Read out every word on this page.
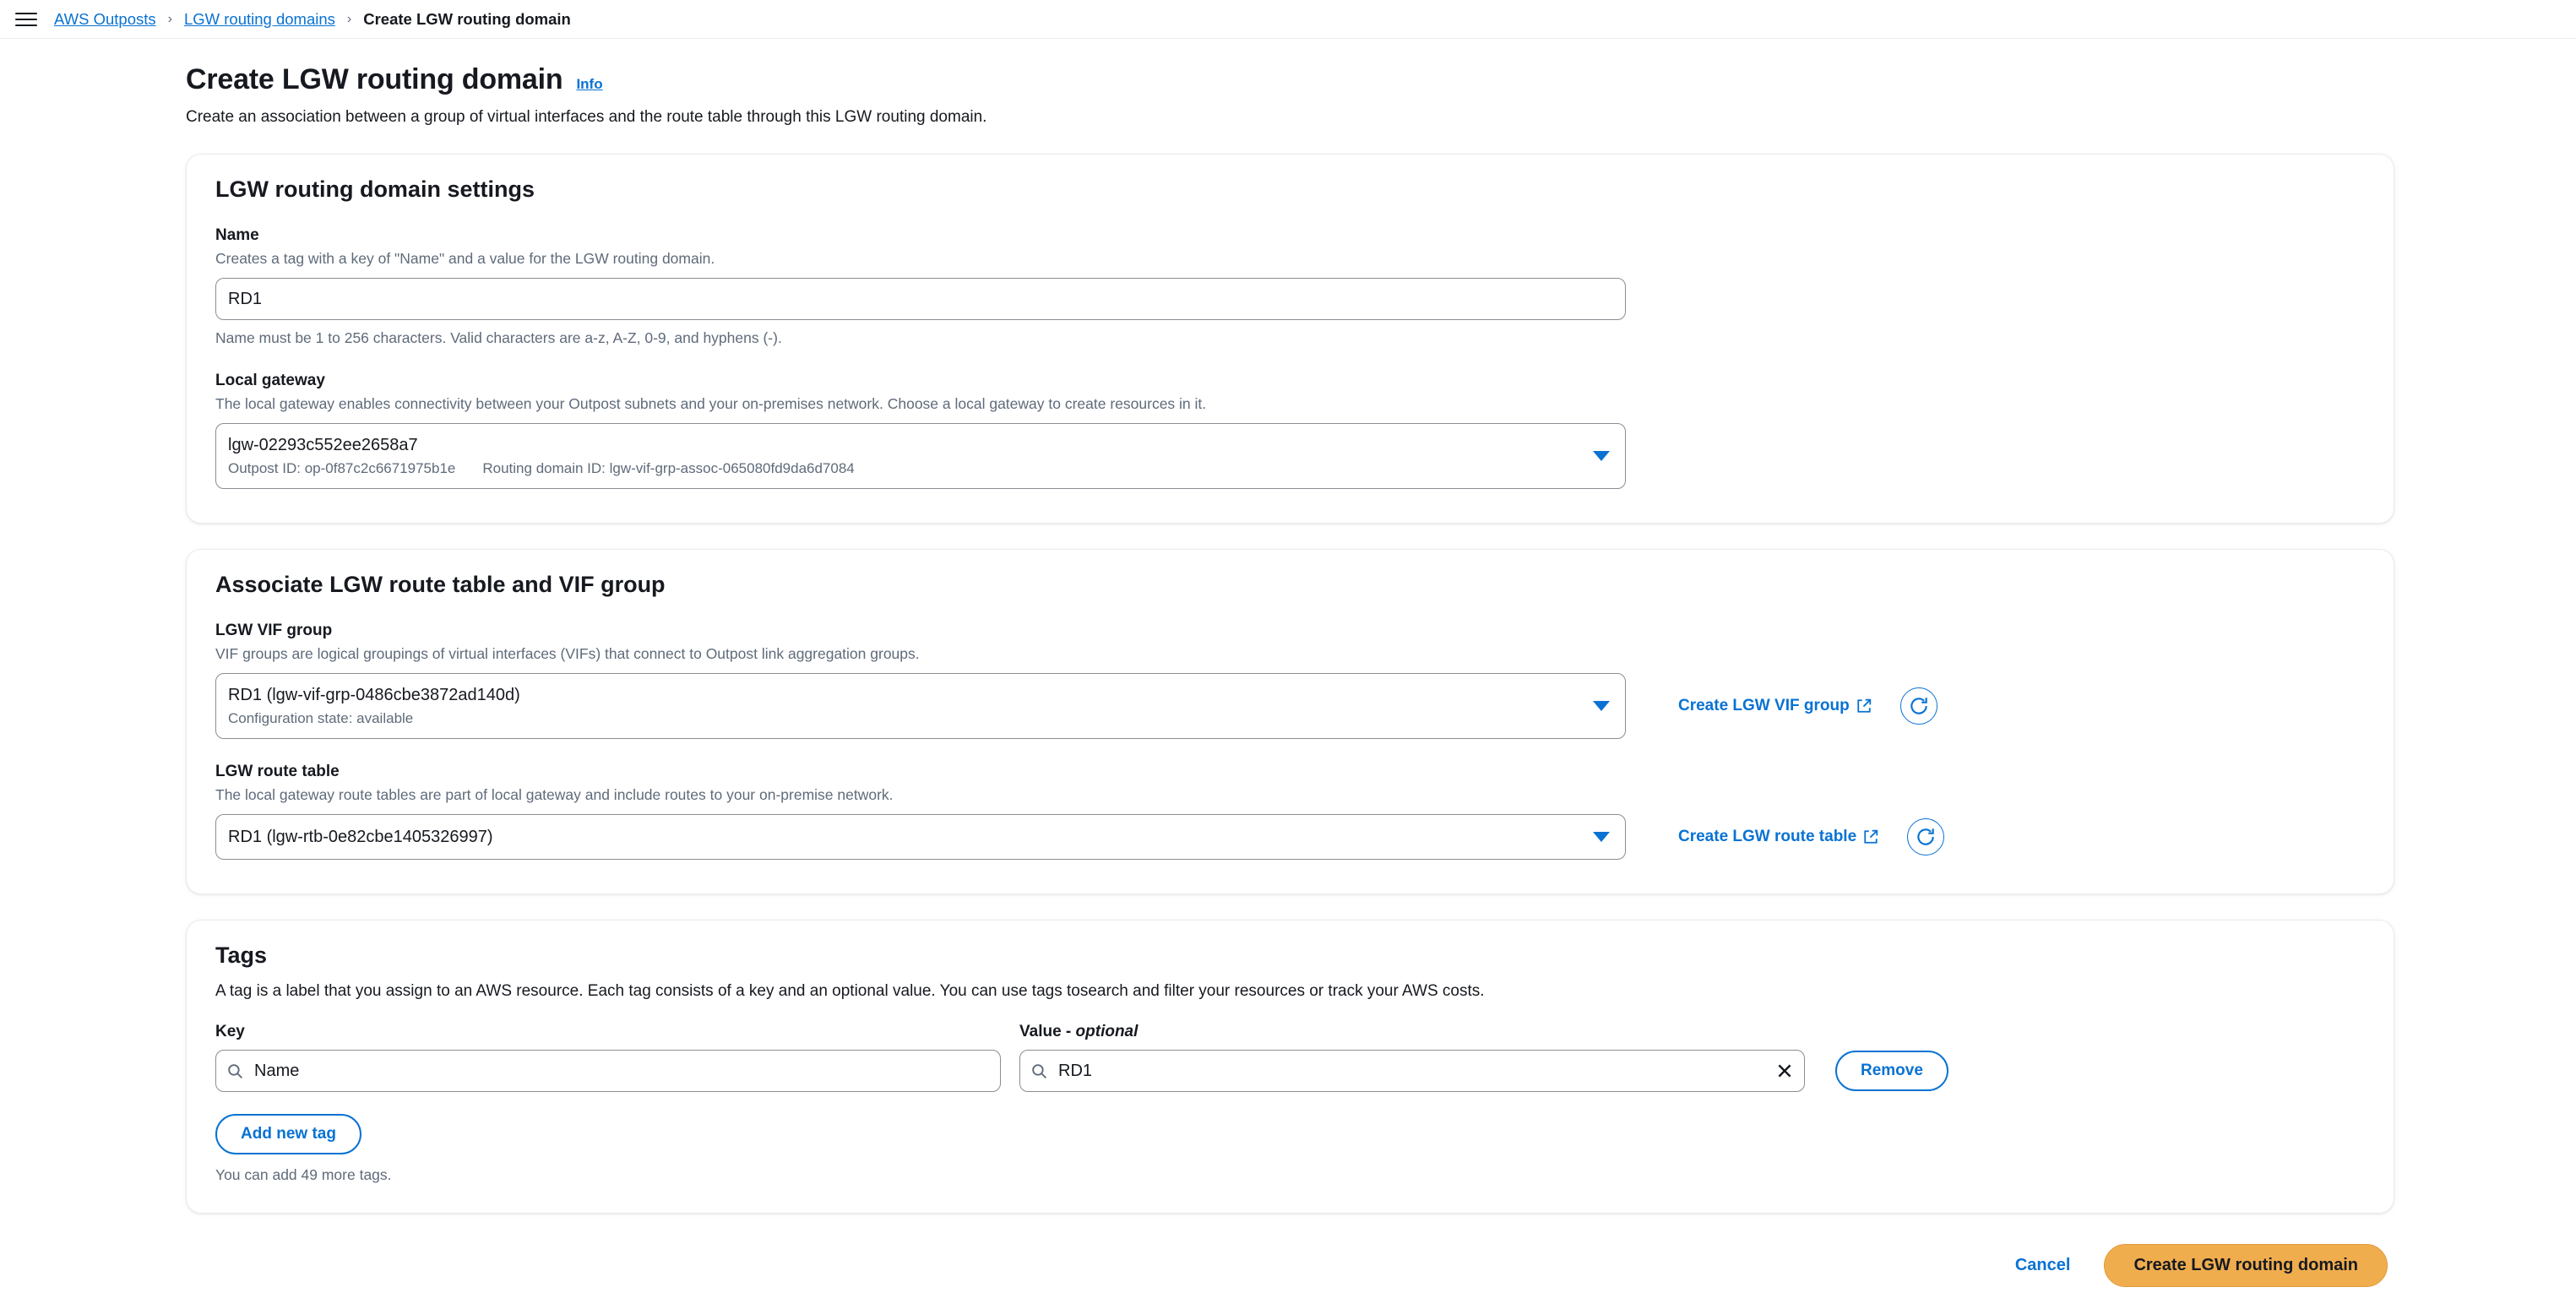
AWS Outposts › LGW routing domains › Create LGW routing domain
Create LGW routing domain Info
Create an association between a group of virtual interfaces and the route table through this LGW routing domain.
LGW routing domain settings
Name
Creates a tag with a key of "Name" and a value for the LGW routing domain.
RD1
Name must be 1 to 256 characters. Valid characters are a-z, A-Z, 0-9, and hyphens (-).
Local gateway
The local gateway enables connectivity between your Outpost subnets and your on-premises network. Choose a local gateway to create resources in it.
lgw-02293c552ee2658a7
Outpost ID: op-0f87c2c6671975b1e Routing domain ID: lgw-vif-grp-assoc-065080fd9da6d7084
Associate LGW route table and VIF group
LGW VIF group
VIF groups are logical groupings of virtual interfaces (VIFs) that connect to Outpost link aggregation groups.
RD1 (lgw-vif-grp-0486cbe3872ad140d)
Configuration state: available
Create LGW VIF group
LGW route table
The local gateway route tables are part of local gateway and include routes to your on-premise network.
RD1 (lgw-rtb-0e82cbe1405326997)	Create LGW route table
Tags
A tag is a label that you assign to an AWS resource. Each tag consists of a key and an optional value. You can use tags tosearch and filter your resources or track your AWS costs.
Key	Value - optional
Name	RD1	Remove
Add new tag
You can add 49 more tags.
Cancel	Create LGW routing domain
